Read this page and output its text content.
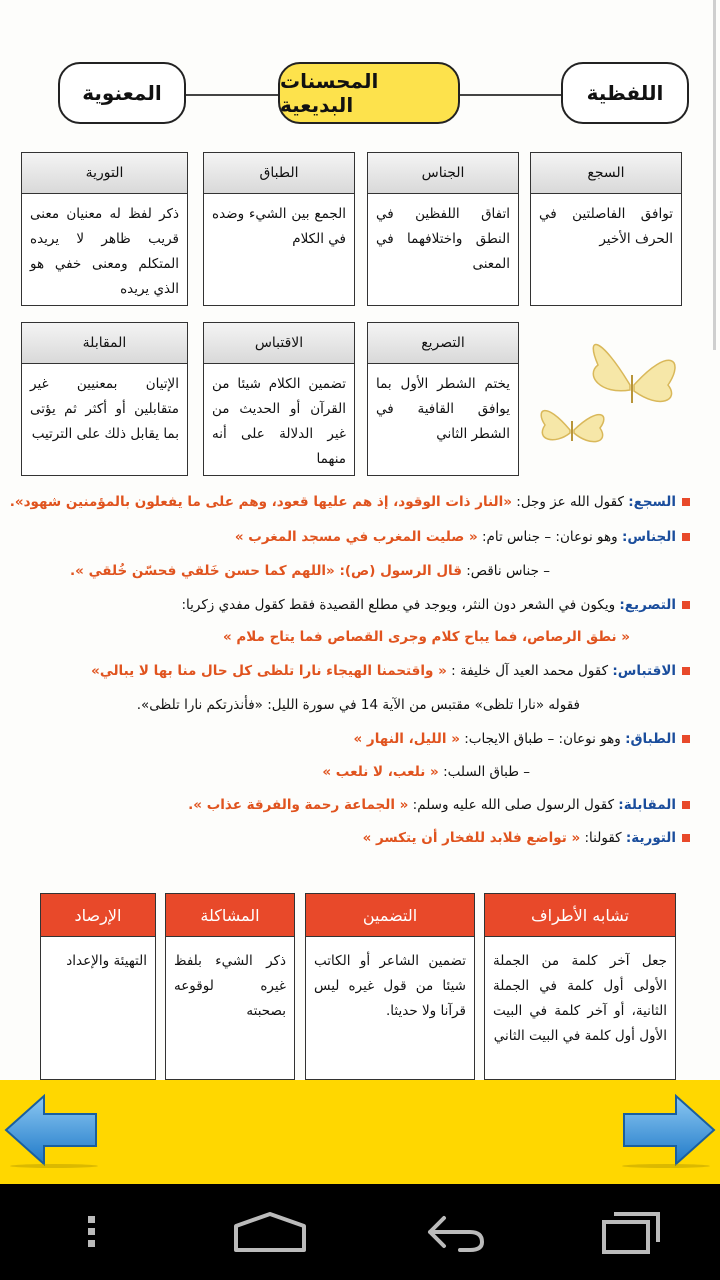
المعنوية	المحسنات البديعية	اللفظية
السجع
توافق الفاصلتين في الحرف الأخير
الجناس
اتفاق اللفظين في النطق واختلافهما في المعنى
الطباق
الجمع بين الشيء وضده في الكلام
التورية
ذكر لفظ له معنيان معنى قريب ظاهر لا يريده المتكلم ومعنى خفي هو الذي يريده
التصريع
يختم الشطر الأول بما يوافق القافية في الشطر الثاني
الاقتباس
تضمين الكلام شيئا من القرآن أو الحديث من غير الدلالة على أنه منهما
المقابلة
الإتيان بمعنيين غير متقابلين أو أكثر ثم يؤتى بما يقابل ذلك على الترتيب
السجع: كقول الله عز وجل: «النار ذات الوقود، إذ هم عليها قعود، وهم على ما يفعلون بالمؤمنين شهود».
الجناس: وهو نوعان: – جناس تام: « صليت المغرب في مسجد المغرب »
– جناس ناقص: قال الرسول (ص): «اللهم كما حسن خَلقي فحسّن خُلقي ».
التصريع: ويكون في الشعر دون النثر، ويوجد في مطلع القصيدة فقط كقول مفدي زكريا:
« نطق الرصاص، فما يباح كلام وجرى القصاص فما يتاح ملام »
الاقتباس: كقول محمد العيد آل خليفة : « واقتحمنا الهيجاء نارا تلظى كل حال منا بها لا يبالي»
فقوله «نارا تلظى» مقتبس من الآية 14 في سورة الليل: «فأنذرتكم نارا تلظى».
الطباق: وهو نوعان: – طباق الايجاب: « الليل، النهار »
– طباق السلب: « نلعب، لا نلعب »
المقابلة: كقول الرسول صلى الله عليه وسلم: « الجماعة رحمة والفرقة عذاب ».
التورية: كقولنا: « تواضع فلابد للفخار أن يتكسر »
تشابه الأطراف
جعل آخر كلمة من الجملة الأولى أول كلمة في الجملة الثانية، أو آخر كلمة في البيت الأول أول كلمة في البيت الثاني
التضمين
تضمين الشاعر أو الكاتب شيئا من قول غيره ليس قرآنا ولا حديثا.
المشاكلة
ذكر الشيء بلفظ غيره لوقوعه بصحبته
الإرصاد
التهيئة والإعداد
